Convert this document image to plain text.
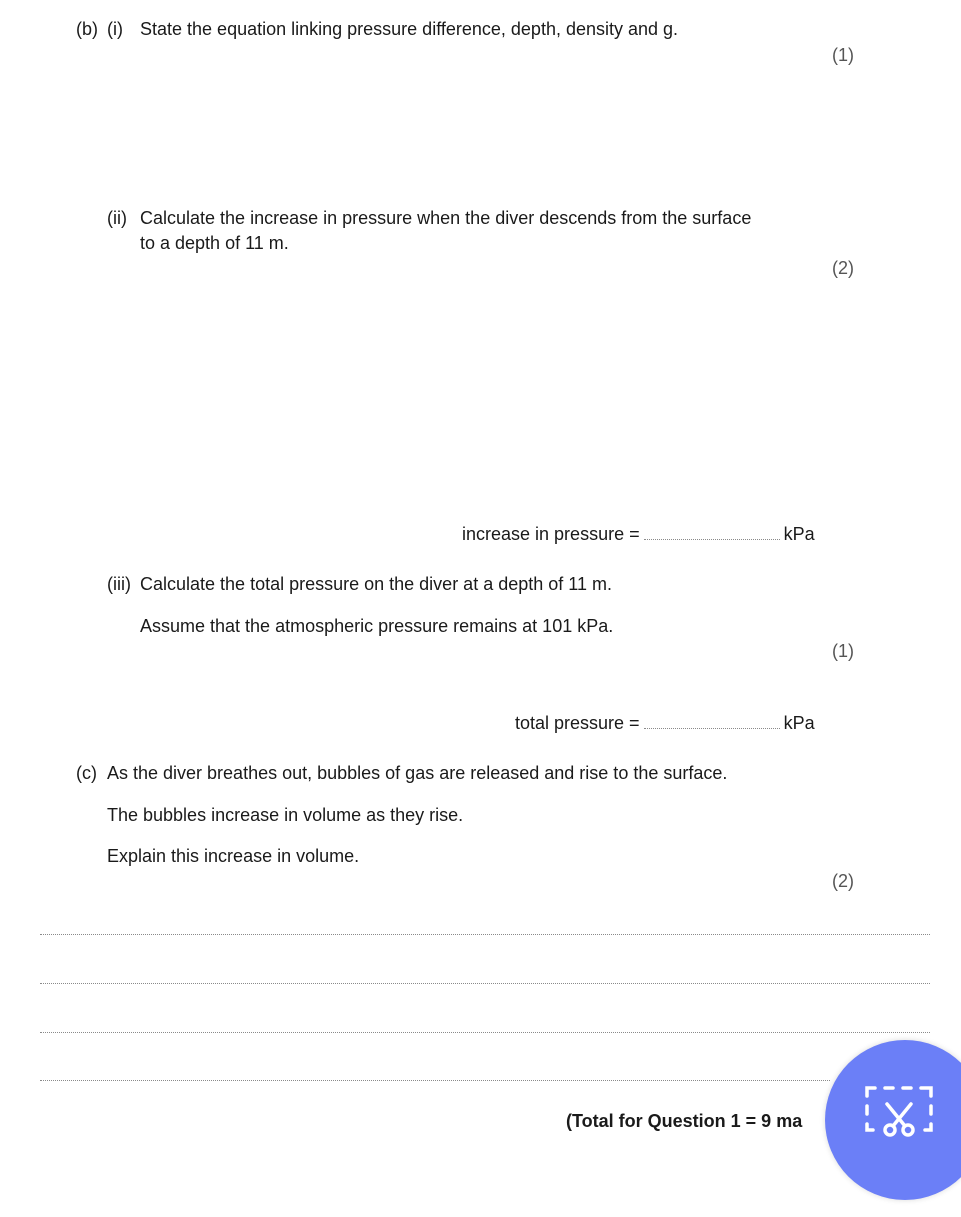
(b) (i) State the equation linking pressure difference, depth, density and g.
(1)
(ii) Calculate the increase in pressure when the diver descends from the surface
to a depth of 11 m.
(2)
increase in pressure =	kPa
(iii) Calculate the total pressure on the diver at a depth of 11 m.
Assume that the atmospheric pressure remains at 101 kPa.
(1)
total pressure =	kPa
(c) As the diver breathes out, bubbles of gas are released and rise to the surface.
The bubbles increase in volume as they rise.
Explain this increase in volume.
(2)
(Total for Question 1 = 9 ma
